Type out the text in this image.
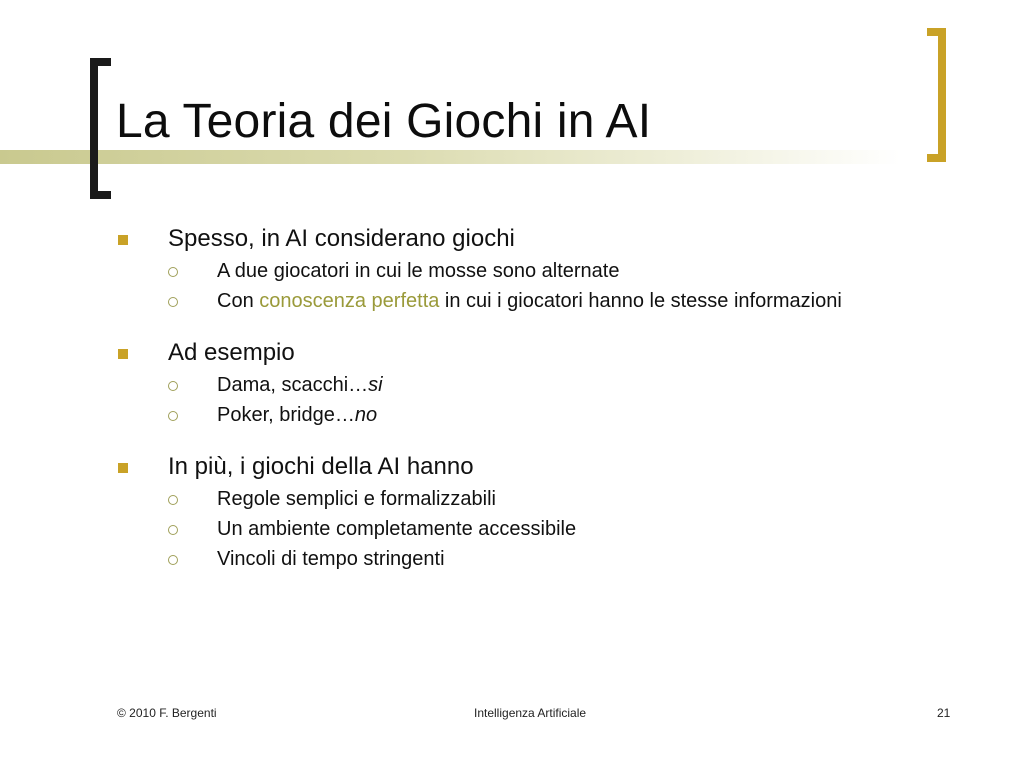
La Teoria dei Giochi in AI

Spesso, in AI considerano giochi

A due giocatori in cui le mosse sono alternate

Con conoscenza perfetta in cui i giocatori hanno le stesse informazioni

Ad esempio

Dama, scacchi…si

Poker, bridge…no

In più, i giochi della AI hanno

Regole semplici e formalizzabili

Un ambiente completamente accessibile

Vincoli di tempo stringenti

© 2010 F. Bergenti	Intelligenza Artificiale	21
